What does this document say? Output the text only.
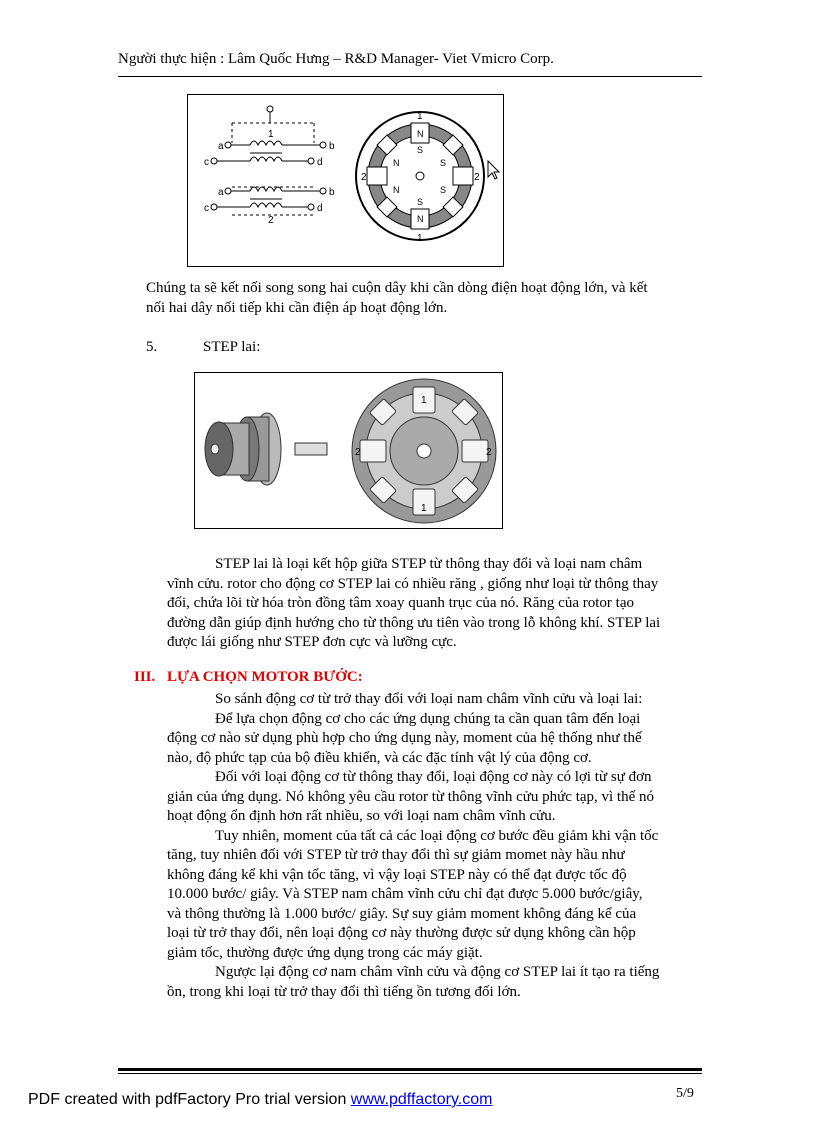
Người thực hiện : Lâm Quốc Hưng – R&D Manager- Viet Vmicro Corp.
a
c
1
b
d
a
c
2
b
d
N
S
N	S
N	S
S
N
1
2	2
1

Chúng ta sẽ kết nối song song hai cuộn dây khi cần dòng điện hoạt động lớn, và kết
nối hai dây nối tiếp khi cần điện áp hoạt động lớn.

5.	STEP lai:
1
2	2
1

STEP lai là loại kết hộp giữa STEP từ thông thay đổi và loại nam châm
vĩnh cửu. rotor cho động cơ STEP lai có nhiều răng , giống như loại từ thông thay
đổi, chứa lõi từ hóa tròn đồng tâm xoay quanh trục của nó. Răng của rotor tạo
đường dẫn giúp định hướng cho từ thông ưu tiên vào trong lỗ không khí. STEP lai
được lái giống như STEP đơn cực và lưỡng cực.

III. LỰA CHỌN MOTOR BƯỚC:

So sánh động cơ từ trở thay đổi với loại nam châm vĩnh cửu và loại lai:
Để lựa chọn động cơ cho các ứng dụng chúng ta cần quan tâm đến loại
động cơ nào sử dụng phù hợp cho ứng dụng này, moment của hệ thống như thế
nào, độ phức tạp của bộ điều khiển, và các đặc tính vật lý của động cơ.
Đối với loại động cơ từ thông thay đổi, loại động cơ này có lợi từ sự đơn
giản của ứng dụng. Nó không yêu cầu rotor từ thông vĩnh cửu phức tạp, vì thế nó
hoạt động ổn định hơn rất nhiều, so với loại nam châm vĩnh cửu.
Tuy nhiên, moment của tất cả các loại động cơ bước đều giảm khi vận tốc
tăng, tuy nhiên đối với STEP từ trở thay đổi thì sự giảm momet này hầu như
không đáng kể khi vận tốc tăng, vì vậy loại STEP này có thể đạt được tốc độ
10.000 bước/ giây. Và STEP nam châm vĩnh cửu chỉ đạt được 5.000 bước/giây,
và thông thường là 1.000 bước/ giây. Sự suy giảm moment không đáng kể của
loại từ trở thay đổi, nên loại động cơ này thường được sử dụng không cần hộp
giảm tốc, thường được ứng dụng trong các máy giặt.
Ngược lại động cơ nam châm vĩnh cửu và động cơ STEP lai ít tạo ra tiếng
ồn, trong khi loại từ trở thay đổi thì tiếng ồn tương đối lớn.

5/9
PDF created with pdfFactory Pro trial version www.pdffactory.com
